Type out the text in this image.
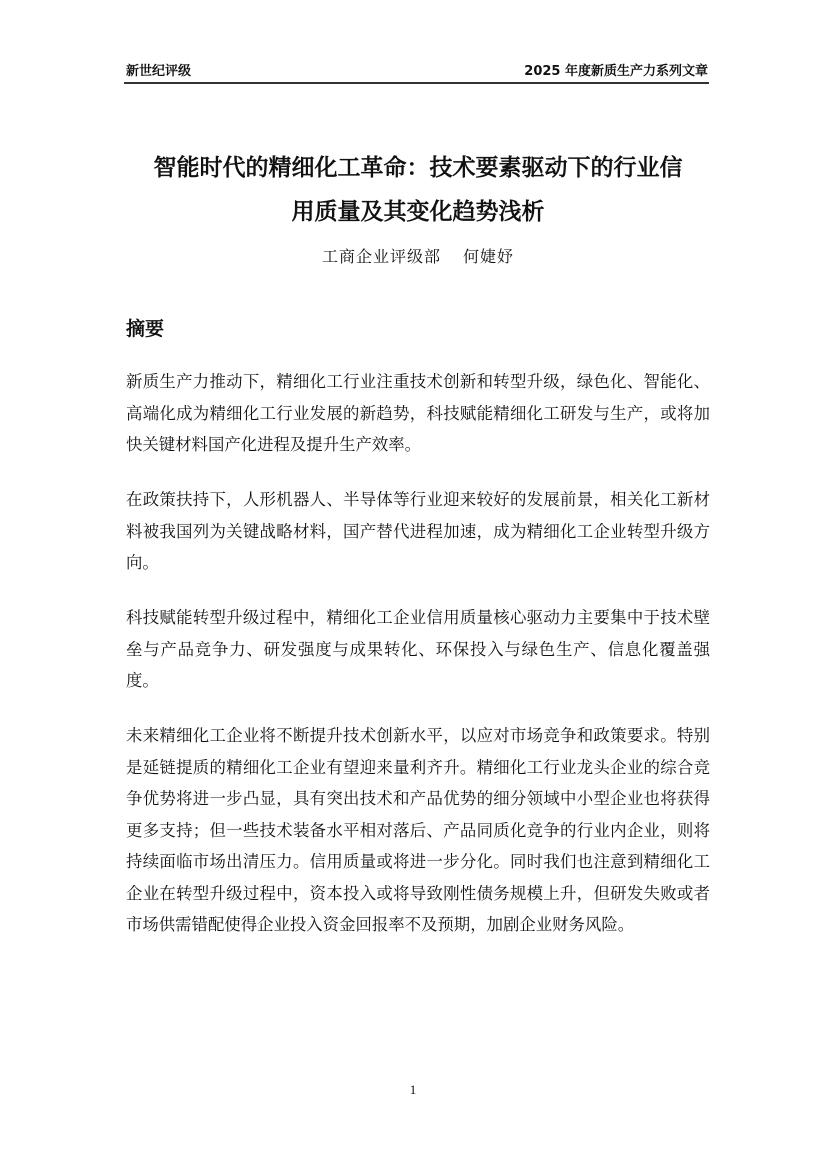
新世纪评级	2025 年度新质生产力系列文章
智能时代的精细化工革命：技术要素驱动下的行业信
用质量及其变化趋势浅析
工商企业评级部 何婕妤
摘要

新质生产力推动下，精细化工行业注重技术创新和转型升级，绿色化、智能化、高端化成为精细化工行业发展的新趋势，科技赋能精细化工研发与生产，或将加快关键材料国产化进程及提升生产效率。

在政策扶持下，人形机器人、半导体等行业迎来较好的发展前景，相关化工新材料被我国列为关键战略材料，国产替代进程加速，成为精细化工企业转型升级方向。

科技赋能转型升级过程中，精细化工企业信用质量核心驱动力主要集中于技术壁垒与产品竞争力、研发强度与成果转化、环保投入与绿色生产、信息化覆盖强度。

未来精细化工企业将不断提升技术创新水平，以应对市场竞争和政策要求。特别是延链提质的精细化工企业有望迎来量利齐升。精细化工行业龙头企业的综合竞争优势将进一步凸显，具有突出技术和产品优势的细分领域中小型企业也将获得更多支持；但一些技术装备水平相对落后、产品同质化竞争的行业内企业，则将持续面临市场出清压力。信用质量或将进一步分化。同时我们也注意到精细化工企业在转型升级过程中，资本投入或将导致刚性债务规模上升，但研发失败或者市场供需错配使得企业投入资金回报率不及预期，加剧企业财务风险。

1
